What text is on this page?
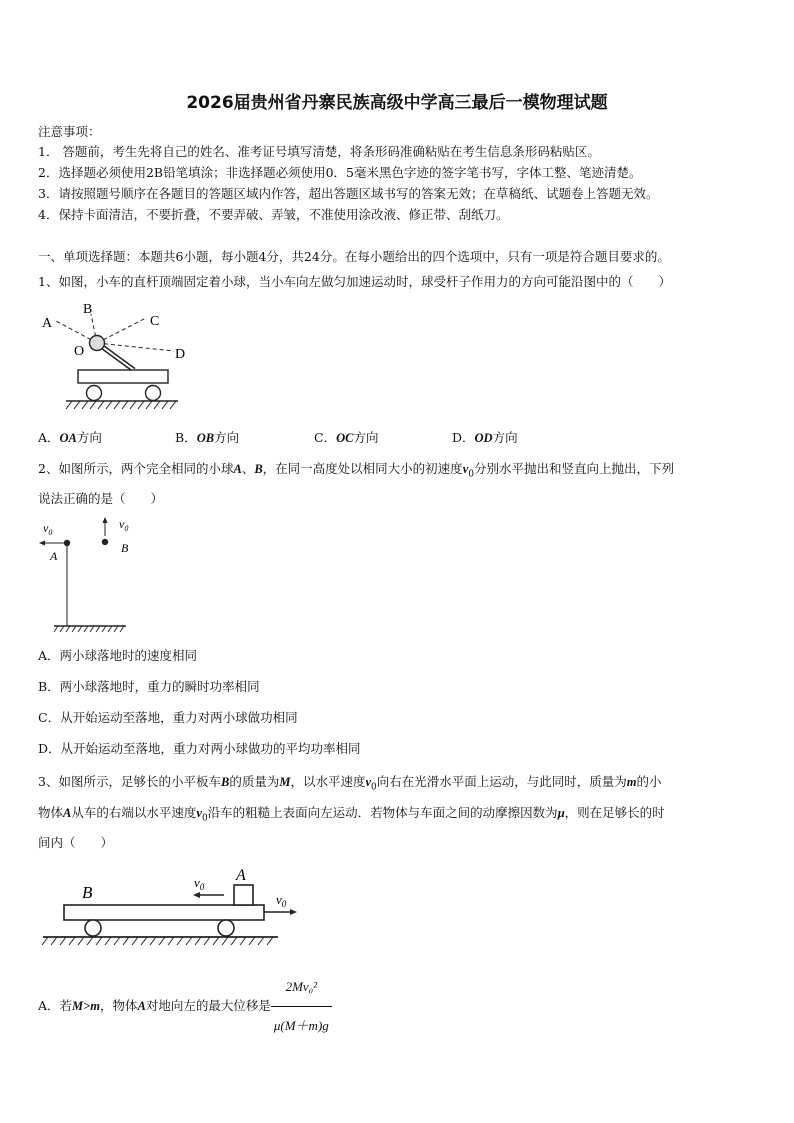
2026届贵州省丹寨民族高级中学高三最后一模物理试题
注意事项：
1． 答题前，考生先将自己的姓名、准考证号填写清楚，将条形码准确粘贴在考生信息条形码粘贴区。
2．选择题必须使用2B铅笔填涂；非选择题必须使用0．5毫米黑色字迹的签字笔书写，字体工整、笔迹清楚。
3．请按照题号顺序在各题目的答题区域内作答，超出答题区域书写的答案无效；在草稿纸、试题卷上答题无效。
4．保持卡面清洁，不要折叠，不要弄破、弄皱，不准使用涂改液、修正带、刮纸刀。
一、单项选择题：本题共6小题，每小题4分，共24分。在每小题给出的四个选项中，只有一项是符合题目要求的。
1、如图，小车的直杆顶端固定着小球，当小车向左做匀加速运动时，球受杆子作用力的方向可能沿图中的（　　）
A
B
C
O	D
A．OA方向	B．OB方向	C．OC方向	D．OD方向
2、如图所示，两个完全相同的小球A、B，在同一高度处以相同大小的初速度$v_0$分别水平抛出和竖直向上抛出，下列
说法正确的是（　　）
$v_0$
A
$v_0$
B
A．两小球落地时的速度相同
B．两小球落地时，重力的瞬时功率相同
C．从开始运动至落地，重力对两小球做功相同
D．从开始运动至落地，重力对两小球做功的平均功率相同
3、如图所示，足够长的小平板车B的质量为M，以水平速度$v_0$向右在光滑水平面上运动，与此同时，质量为m的小
物体A从车的右端以水平速度$v_0$沿车的粗糙上表面向左运动．若物体与车面之间的动摩擦因数为μ，则在足够长的时
间内（　　）
$v_0$
$v_0$
B
A
A．若M>m，物体A对地向左的最大位移是 $\frac{\text{2Mv₀²}}{\mu(M+m)g}$
